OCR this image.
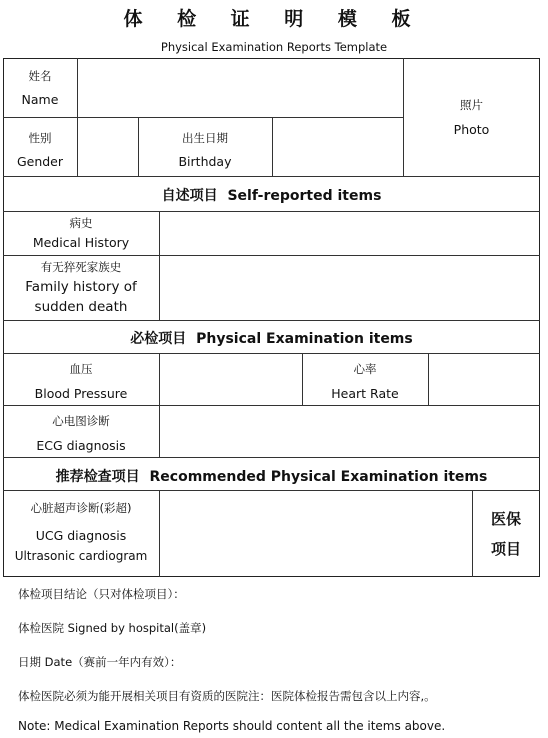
体 检 证 明 模 板
Physical Examination Reports Template
姓名
Name	照片
Photo
性别
Gender
出生日期
Birthday
自述项目 Self-reported items
病史
Medical History
有无猝死家族史
Family history of
sudden death
必检项目 Physical Examination items
血压
Blood Pressure
心率
Heart Rate
心电图诊断
ECG diagnosis
推荐检查项目 Recommended Physical Examination items
心脏超声诊断(彩超)
UCG diagnosis
Ultrasonic cardiogram
医保
项目
体检项目结论（只对体检项目）：
体检医院 Signed by hospital(盖章)
日期 Date（赛前一年内有效）：
体检医院必须为能开展相关项目有资质的医院注：医院体检报告需包含以上内容,。
Note: Medical Examination Reports should content all the items above.
